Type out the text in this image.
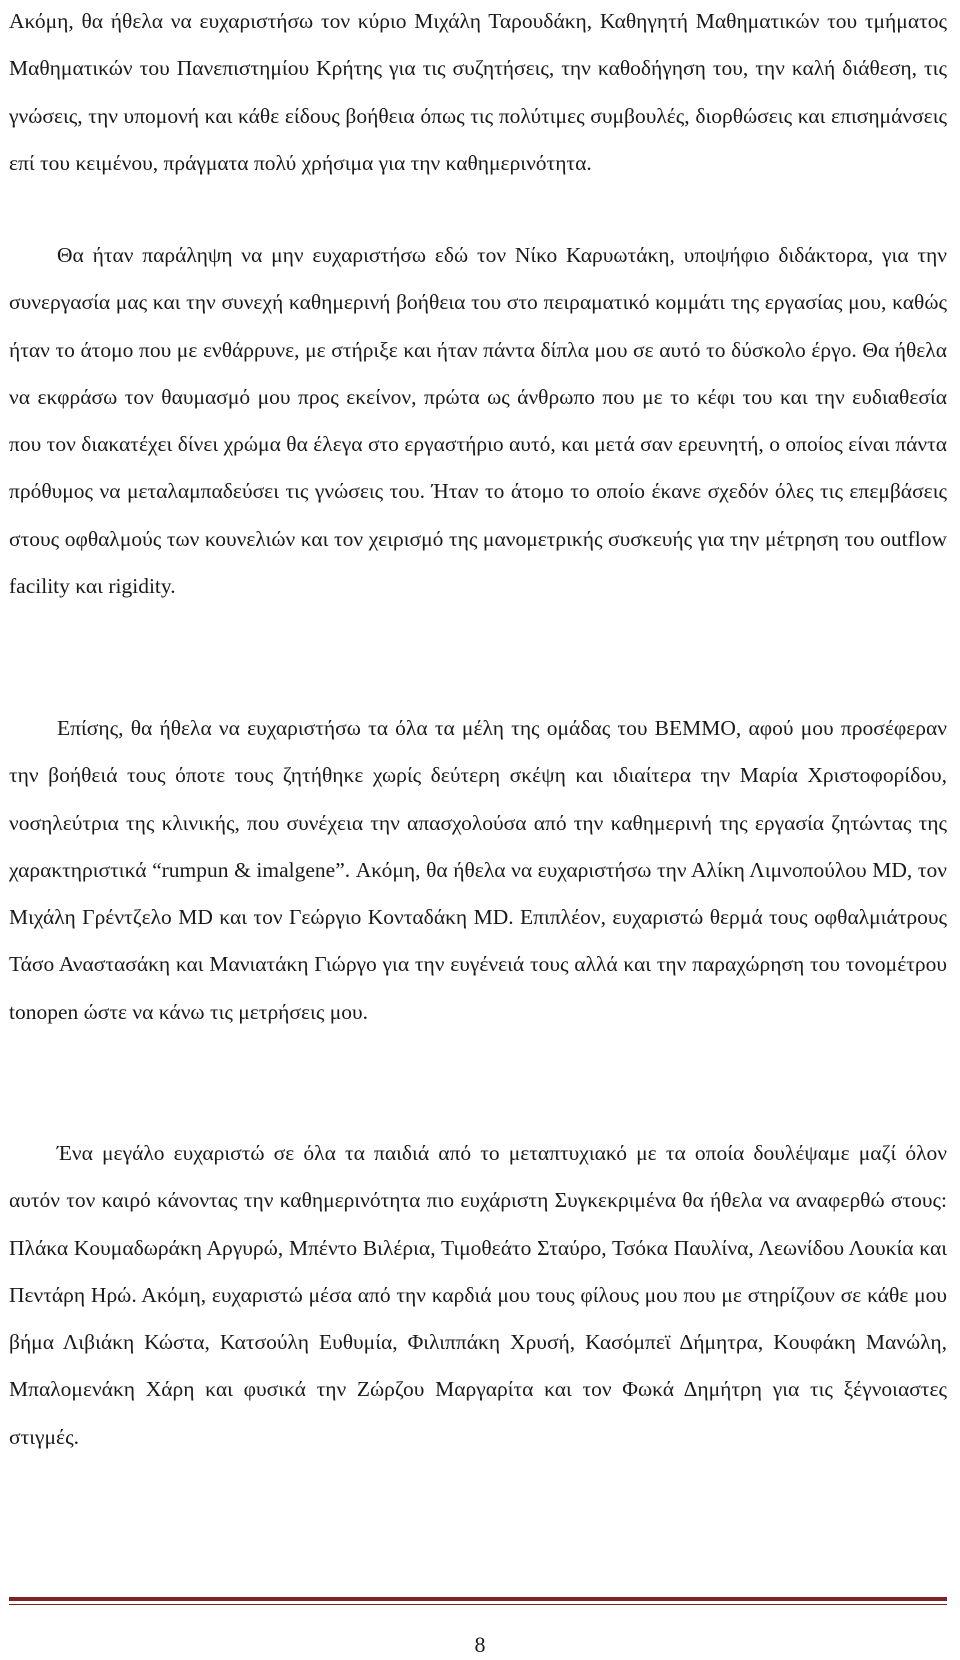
Ακόμη, θα ήθελα να ευχαριστήσω τον κύριο Μιχάλη Ταρουδάκη, Καθηγητή Μαθηματικών του τμήματος Μαθηματικών του Πανεπιστημίου Κρήτης για τις συζητήσεις, την καθοδήγηση του, την καλή διάθεση, τις γνώσεις, την υπομονή και κάθε είδους βοήθεια όπως τις πολύτιμες συμβουλές, διορθώσεις και επισημάνσεις επί του κειμένου, πράγματα πολύ χρήσιμα για την καθημερινότητα.

Θα ήταν παράληψη να μην ευχαριστήσω εδώ τον Νίκο Καρυωτάκη, υποψήφιο διδάκτορα, για την συνεργασία μας και την συνεχή καθημερινή βοήθεια του στο πειραματικό κομμάτι της εργασίας μου, καθώς ήταν το άτομο που με ενθάρρυνε, με στήριξε και ήταν πάντα δίπλα μου σε αυτό το δύσκολο έργο. Θα ήθελα να εκφράσω τον θαυμασμό μου προς εκείνον, πρώτα ως άνθρωπο που με το κέφι του και την ευδιαθεσία που τον διακατέχει δίνει χρώμα θα έλεγα στο εργαστήριο αυτό, και μετά σαν ερευνητή, ο οποίος είναι πάντα πρόθυμος να μεταλαμπαδεύσει τις γνώσεις του. Ήταν το άτομο το οποίο έκανε σχεδόν όλες τις επεμβάσεις στους οφθαλμούς των κουνελιών και τον χειρισμό της μανομετρικής συσκευής για την μέτρηση του outflow facility και rigidity.

Επίσης, θα ήθελα να ευχαριστήσω τα όλα τα μέλη της ομάδας του BEMMO, αφού μου προσέφεραν την βοήθειά τους όποτε τους ζητήθηκε χωρίς δεύτερη σκέψη και ιδιαίτερα την Μαρία Χριστοφορίδου, νοσηλεύτρια της κλινικής, που συνέχεια την απασχολούσα από την καθημερινή της εργασία ζητώντας της χαρακτηριστικά “rumpun & imalgene”. Ακόμη, θα ήθελα να ευχαριστήσω την Αλίκη Λιμνοπούλου MD, τον Μιχάλη Γρέντζελο MD και τον Γεώργιο Κονταδάκη MD. Επιπλέον, ευχαριστώ θερμά τους οφθαλμιάτρους Τάσο Αναστασάκη και Μανιατάκη Γιώργο για την ευγένειά τους αλλά και την παραχώρηση του τονομέτρου tonopen ώστε να κάνω τις μετρήσεις μου.

Ένα μεγάλο ευχαριστώ σε όλα τα παιδιά από το μεταπτυχιακό με τα οποία δουλέψαμε μαζί όλον αυτόν τον καιρό κάνοντας την καθημερινότητα πιο ευχάριστη Συγκεκριμένα θα ήθελα να αναφερθώ στους: Πλάκα Κουμαδωράκη Αργυρώ, Μπέντο Βιλέρια, Τιμοθεάτο Σταύρο, Τσόκα Παυλίνα, Λεωνίδου Λουκία και Πεντάρη Ηρώ. Ακόμη, ευχαριστώ μέσα από την καρδιά μου τους φίλους μου που με στηρίζουν σε κάθε μου βήμα Λιβιάκη Κώστα, Κατσούλη Ευθυμία, Φιλιππάκη Χρυσή, Κασόμπεϊ Δήμητρα, Κουφάκη Μανώλη, Μπαλομενάκη Χάρη και φυσικά την Ζώρζου Μαργαρίτα και τον Φωκά Δημήτρη για τις ξέγνοιαστες στιγμές.

8
